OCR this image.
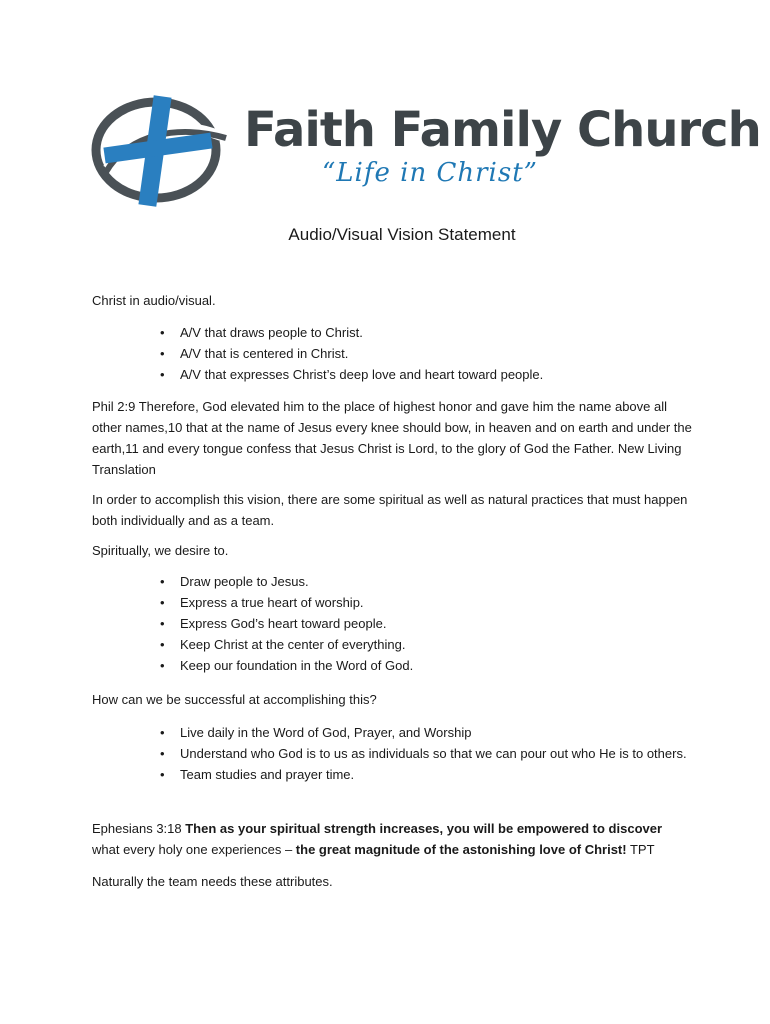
Faith Family Church
“Life in Christ”
Audio/Visual Vision Statement

Christ in audio/visual.

• A/V that draws people to Christ.
• A/V that is centered in Christ.
• A/V that expresses Christ’s deep love and heart toward people.

Phil 2:9 Therefore, God elevated him to the place of highest honor and gave him the name above all other names,10 that at the name of Jesus every knee should bow, in heaven and on earth and under the earth,11 and every tongue confess that Jesus Christ is Lord, to the glory of God the Father. New Living Translation

In order to accomplish this vision, there are some spiritual as well as natural practices that must happen both individually and as a team.

Spiritually, we desire to.

• Draw people to Jesus.
• Express a true heart of worship.
• Express God’s heart toward people.
• Keep Christ at the center of everything.
• Keep our foundation in the Word of God.

How can we be successful at accomplishing this?

• Live daily in the Word of God, Prayer, and Worship
• Understand who God is to us as individuals so that we can pour out who He is to others.
• Team studies and prayer time.

Ephesians 3:18 Then as your spiritual strength increases, you will be empowered to discover what every holy one experiences – the great magnitude of the astonishing love of Christ! TPT

Naturally the team needs these attributes.
